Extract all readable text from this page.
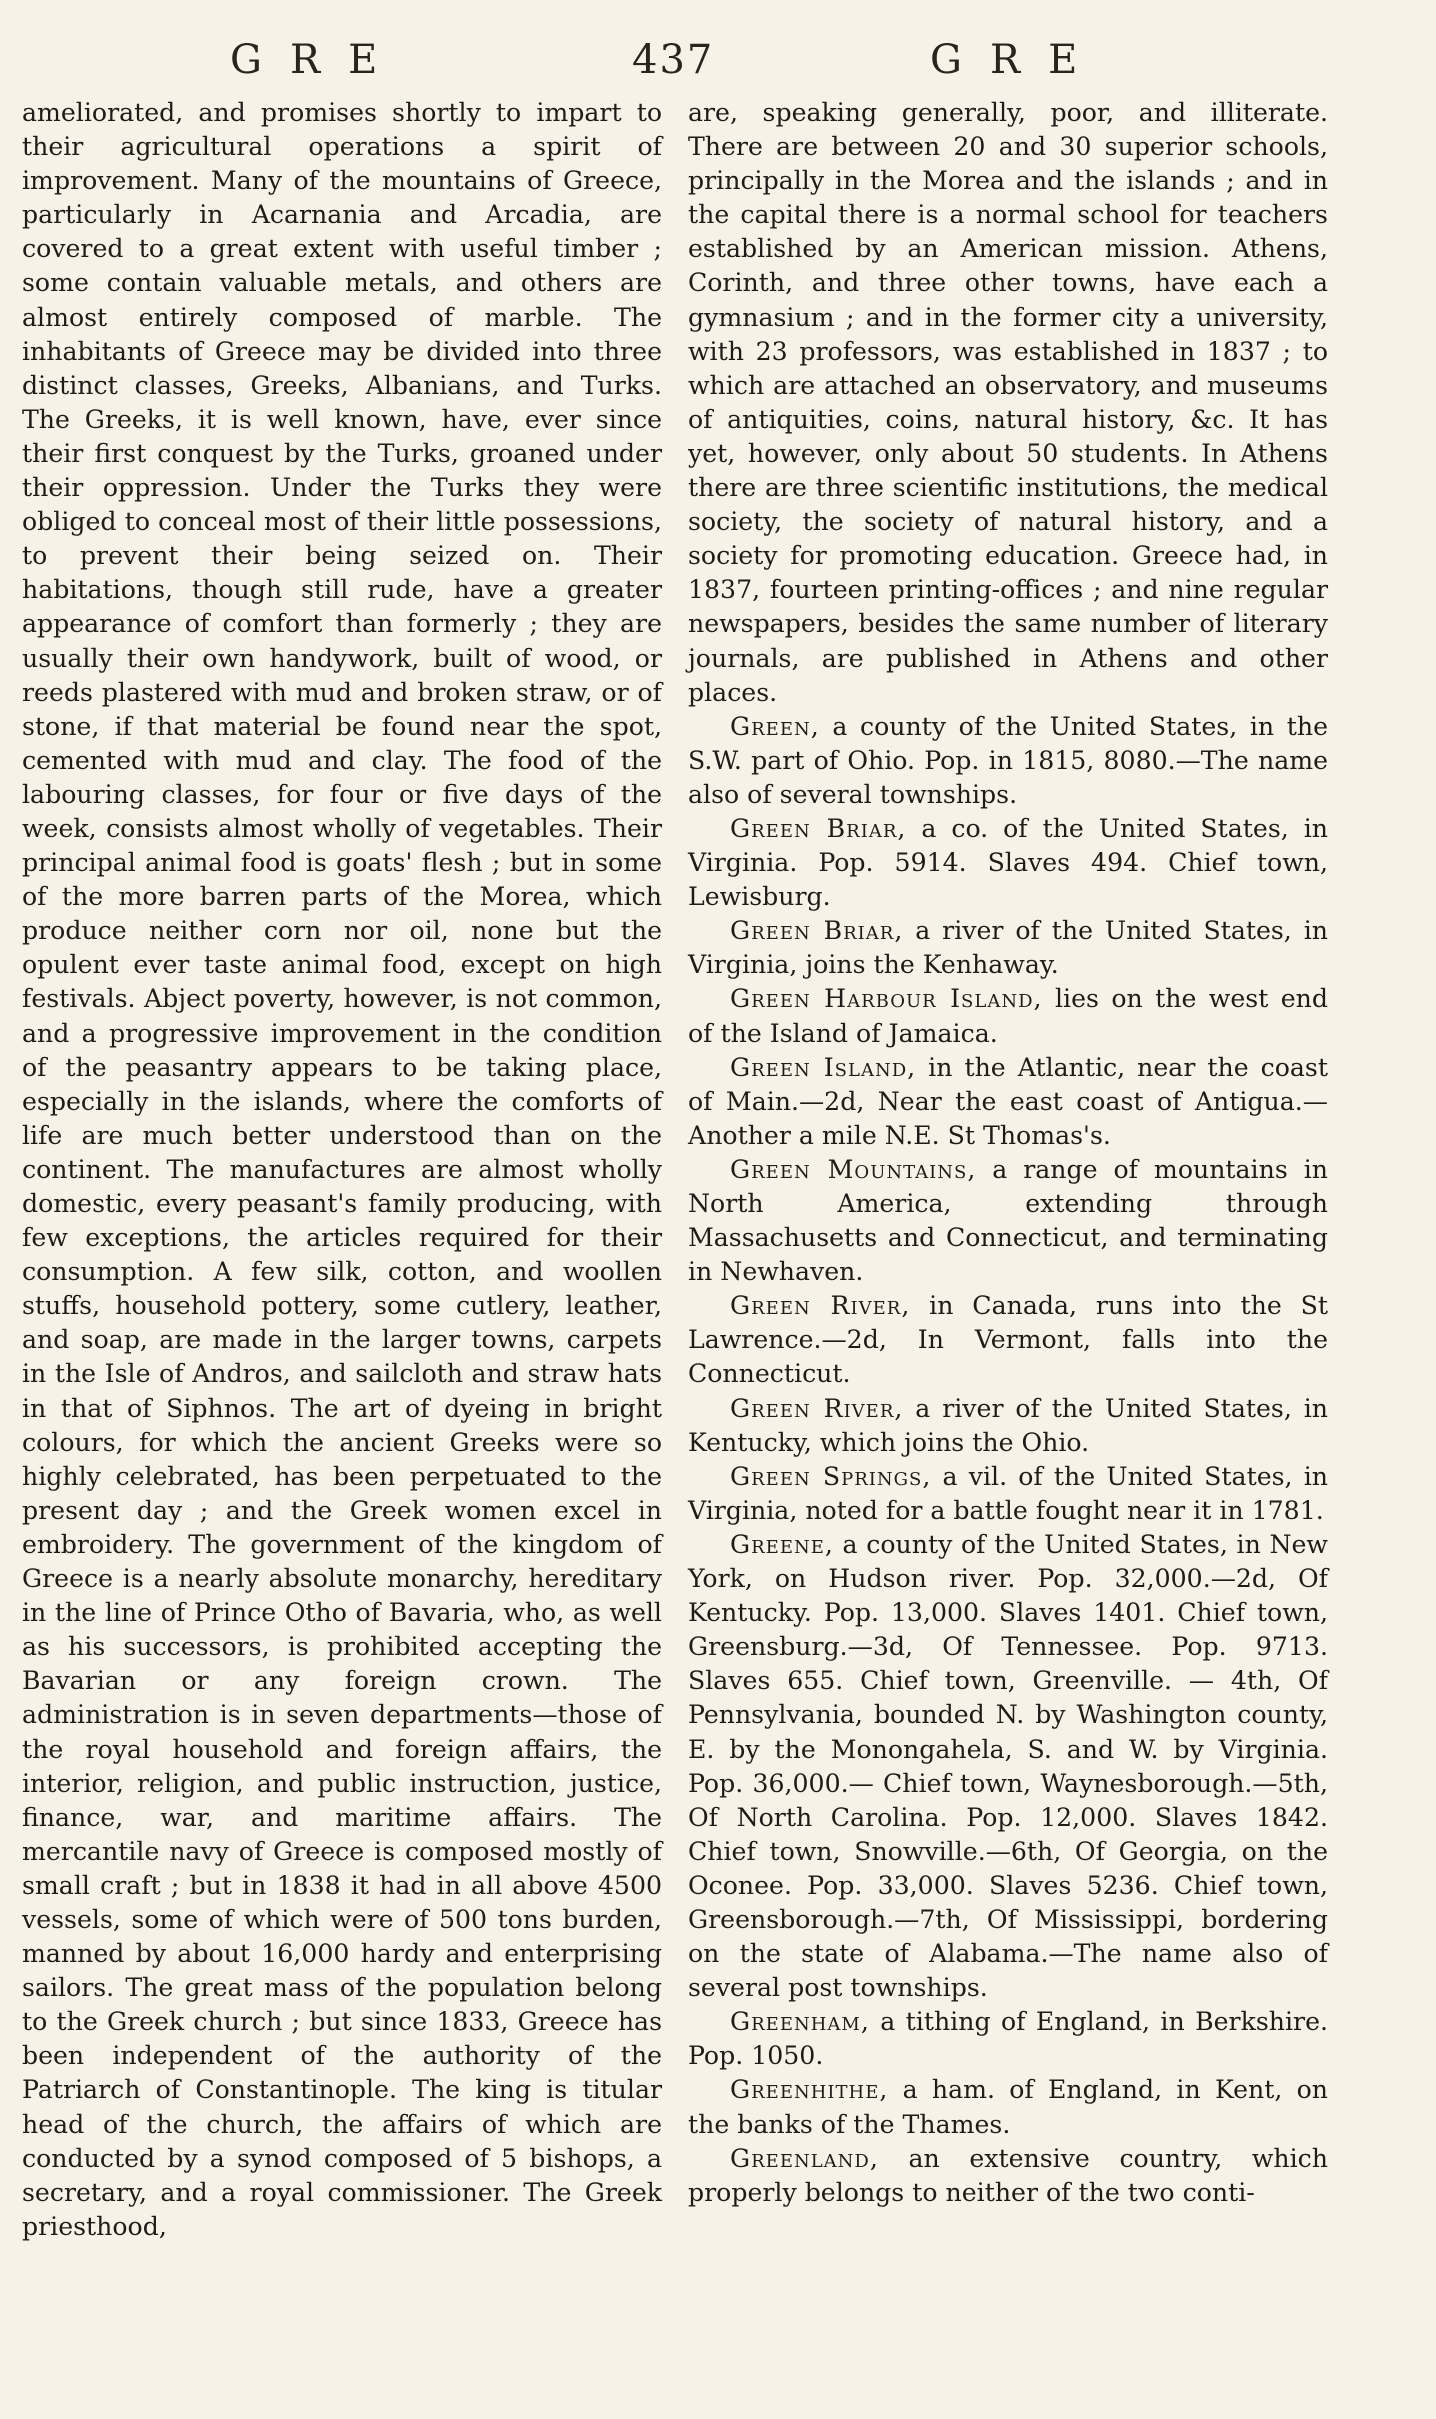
GRE	437	GRE

ameliorated, and promises shortly to impart to their agricultural operations a spirit of improvement. Many of the mountains of Greece, particularly in Acarnania and Arcadia, are covered to a great extent with useful timber ; some contain valuable metals, and others are almost entirely composed of marble. The inhabitants of Greece may be divided into three distinct classes, Greeks, Albanians, and Turks. The Greeks, it is well known, have, ever since their first conquest by the Turks, groaned under their oppression. Under the Turks they were obliged to conceal most of their little possessions, to prevent their being seized on. Their habitations, though still rude, have a greater appearance of comfort than formerly ; they are usually their own handywork, built of wood, or reeds plastered with mud and broken straw, or of stone, if that material be found near the spot, cemented with mud and clay. The food of the labouring classes, for four or five days of the week, consists almost wholly of vegetables. Their principal animal food is goats' flesh ; but in some of the more barren parts of the Morea, which produce neither corn nor oil, none but the opulent ever taste animal food, except on high festivals. Abject poverty, however, is not common, and a progressive improvement in the condition of the peasantry appears to be taking place, especially in the islands, where the comforts of life are much better understood than on the continent. The manufactures are almost wholly domestic, every peasant's family producing, with few exceptions, the articles required for their consumption. A few silk, cotton, and woollen stuffs, household pottery, some cutlery, leather, and soap, are made in the larger towns, carpets in the Isle of Andros, and sailcloth and straw hats in that of Siphnos. The art of dyeing in bright colours, for which the ancient Greeks were so highly celebrated, has been perpetuated to the present day ; and the Greek women excel in embroidery. The government of the kingdom of Greece is a nearly absolute monarchy, hereditary in the line of Prince Otho of Bavaria, who, as well as his successors, is prohibited accepting the Bavarian or any foreign crown. The administration is in seven departments—those of the royal household and foreign affairs, the interior, religion, and public instruction, justice, finance, war, and maritime affairs. The mercantile navy of Greece is composed mostly of small craft ; but in 1838 it had in all above 4500 vessels, some of which were of 500 tons burden, manned by about 16,000 hardy and enterprising sailors. The great mass of the population belong to the Greek church ; but since 1833, Greece has been independent of the authority of the Patriarch of Constantinople. The king is titular head of the church, the affairs of which are conducted by a synod composed of 5 bishops, a secretary, and a royal commissioner. The Greek priesthood,

are, speaking generally, poor, and illiterate. There are between 20 and 30 superior schools, principally in the Morea and the islands ; and in the capital there is a normal school for teachers established by an American mission. Athens, Corinth, and three other towns, have each a gymnasium ; and in the former city a university, with 23 professors, was established in 1837 ; to which are attached an observatory, and museums of antiquities, coins, natural history, &c. It has yet, however, only about 50 students. In Athens there are three scientific institutions, the medical society, the society of natural history, and a society for promoting education. Greece had, in 1837, fourteen printing-offices ; and nine regular newspapers, besides the same number of literary journals, are published in Athens and other places.

Green, a county of the United States, in the S.W. part of Ohio. Pop. in 1815, 8080.—The name also of several townships.

Green Briar, a co. of the United States, in Virginia. Pop. 5914. Slaves 494. Chief town, Lewisburg.

Green Briar, a river of the United States, in Virginia, joins the Kenhaway.

Green Harbour Island, lies on the west end of the Island of Jamaica.

Green Island, in the Atlantic, near the coast of Main.—2d, Near the east coast of Antigua.—Another a mile N.E. St Thomas's.

Green Mountains, a range of mountains in North America, extending through Massachusetts and Connecticut, and terminating in Newhaven.

Green River, in Canada, runs into the St Lawrence.—2d, In Vermont, falls into the Connecticut.

Green River, a river of the United States, in Kentucky, which joins the Ohio.

Green Springs, a vil. of the United States, in Virginia, noted for a battle fought near it in 1781.

Greene, a county of the United States, in New York, on Hudson river. Pop. 32,000.—2d, Of Kentucky. Pop. 13,000. Slaves 1401. Chief town, Greensburg.—3d, Of Tennessee. Pop. 9713. Slaves 655. Chief town, Greenville. — 4th, Of Pennsylvania, bounded N. by Washington county, E. by the Monongahela, S. and W. by Virginia. Pop. 36,000.— Chief town, Waynesborough.—5th, Of North Carolina. Pop. 12,000. Slaves 1842. Chief town, Snowville.—6th, Of Georgia, on the Oconee. Pop. 33,000. Slaves 5236. Chief town, Greensborough.—7th, Of Mississippi, bordering on the state of Alabama.—The name also of several post townships.

Greenham, a tithing of England, in Berkshire. Pop. 1050.

Greenhithe, a ham. of England, in Kent, on the banks of the Thames.

Greenland, an extensive country, which properly belongs to neither of the two conti-
